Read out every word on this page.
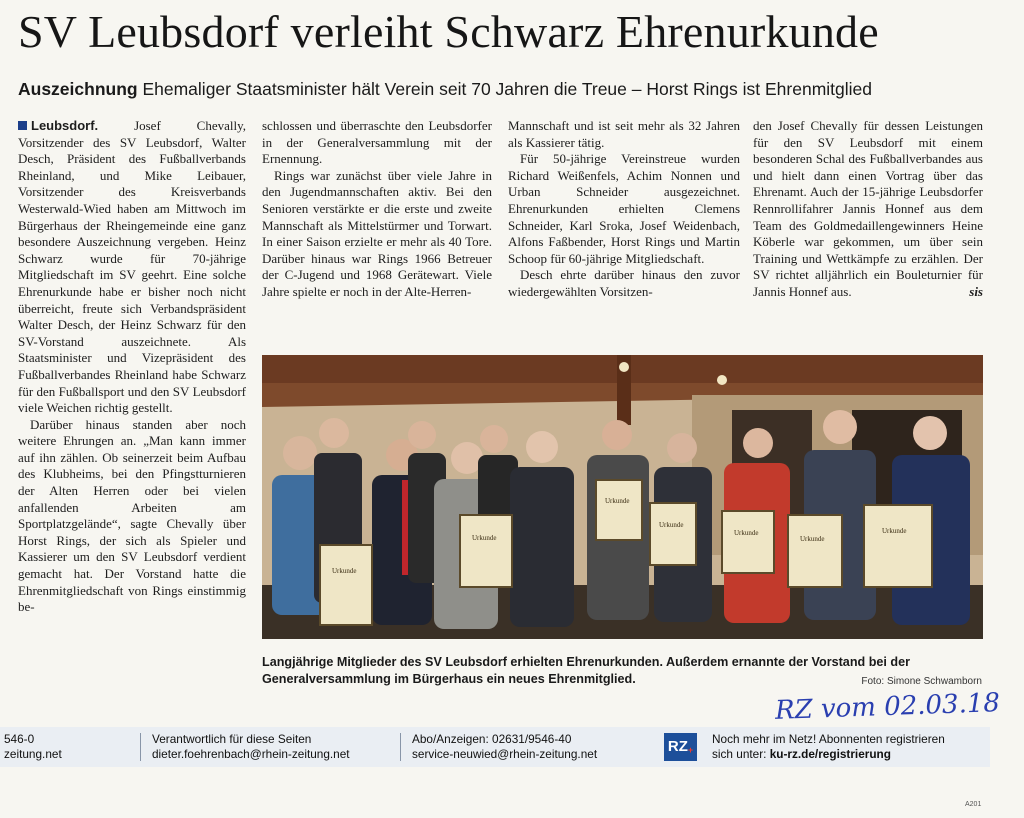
SV Leubsdorf verleiht Schwarz Ehrenurkunde
Auszeichnung Ehemaliger Staatsminister hält Verein seit 70 Jahren die Treue – Horst Rings ist Ehrenmitglied

Leubsdorf.	Josef Chevally, Vorsitzender des SV Leubsdorf, Walter Desch, Präsident des Fußballverbands Rheinland, und Mike Leibauer, Vorsitzender des Kreisverbands Westerwald-Wied haben am Mittwoch im Bürgerhaus der Rheingemeinde eine ganz besondere Auszeichnung vergeben. Heinz Schwarz wurde für 70-jährige Mitgliedschaft im SV geehrt. Eine solche Ehrenurkunde habe er bisher noch nicht überreicht, freute sich Verbandspräsident Walter Desch, der Heinz Schwarz für den SV-Vorstand auszeichnete. Als Staatsminister und Vizepräsident des Fußballverbandes Rheinland habe Schwarz für den Fußballsport und den SV Leubsdorf viele Weichen richtig gestellt.

Darüber hinaus standen aber noch weitere Ehrungen an. „Man kann immer auf ihn zählen. Ob seinerzeit beim Aufbau des Klubheims, bei den Pfingstturnieren der Alten Herren oder bei vielen anfallenden Arbeiten am Sportplatzgelände“, sagte Chevally über Horst Rings, der sich als Spieler und Kassierer um den SV Leubsdorf verdient gemacht hat. Der Vorstand hatte die Ehrenmitgliedschaft von Rings einstimmig be-

schlossen und überraschte den Leubsdorfer in der Generalversammlung mit der Ernennung.

Rings war zunächst über viele Jahre in den Jugendmannschaften aktiv. Bei den Senioren verstärkte er die erste und zweite Mannschaft als Mittelstürmer und Torwart. In einer Saison erzielte er mehr als 40 Tore. Darüber hinaus war Rings 1966 Betreuer der C-Jugend und 1968 Gerätewart. Viele Jahre spielte er noch in der Alte-Herren-

Mannschaft und ist seit mehr als 32 Jahren als Kassierer tätig.

Für 50-jährige Vereinstreue wurden Richard Weißenfels, Achim Nonnen und Urban Schneider ausgezeichnet. Ehrenurkunden erhielten Clemens Schneider, Karl Sroka, Josef Weidenbach, Alfons Faßbender, Horst Rings und Martin Schoop für 60-jährige Mitgliedschaft.

Desch ehrte darüber hinaus den zuvor wiedergewählten Vorsitzen-

den Josef Chevally für dessen Leistungen für den SV Leubsdorf mit einem besonderen Schal des Fußballverbandes aus und hielt dann einen Vortrag über das Ehrenamt. Auch der 15-jährige Leubsdorfer Rennrollifahrer Jannis Honnef aus dem Team des Goldmedaillengewinners Heine Köberle war gekommen, um über sein Training und Wettkämpfe zu erzählen. Der SV richtet alljährlich ein Bouleturnier für Jannis Honnef aus.	sis

Urkunde
Urkunde
Urkunde
Urkunde
Urkunde
Urkunde
Urkunde
Langjährige Mitglieder des SV Leubsdorf erhielten Ehrenurkunden. Außerdem ernannte der Vorstand bei der Generalversammlung im Bürgerhaus ein neues Ehrenmitglied.	Foto: Simone Schwamborn
RZ vom 02.03.18
546-0
zeitung.net
Verantwortlich für diese Seiten
dieter.foehrenbach@rhein-zeitung.net
Abo/Anzeigen: 02631/9546-40
service-neuwied@rhein-zeitung.net	RZ+
Noch mehr im Netz! Abonnenten registrieren
sich unter: ku-rz.de/registrierung
A201
